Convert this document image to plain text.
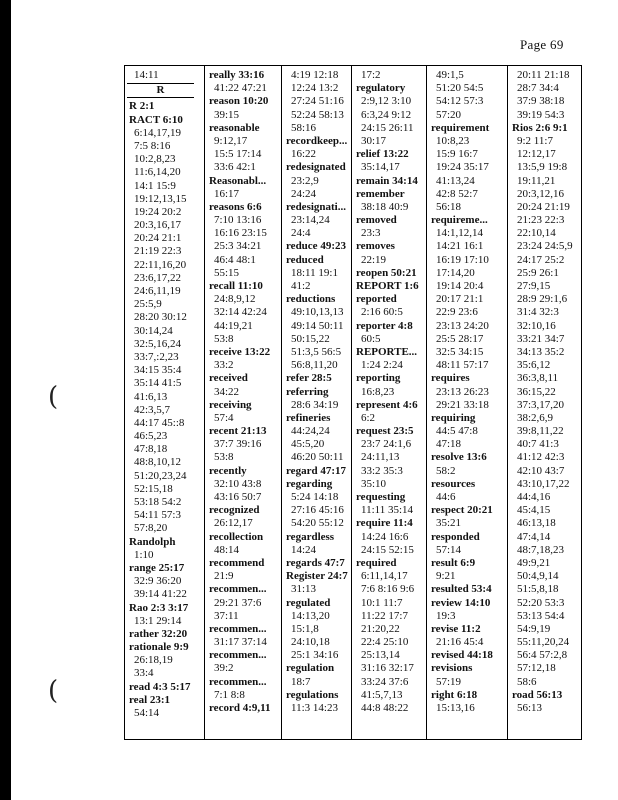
Page 69
14:11
R
R 2:1
RACT 6:10
6:14,17,19
7:5 8:16
10:2,8,23
11:6,14,20
14:1 15:9
19:12,13,15
19:24 20:2
20:3,16,17
20:24 21:1
21:19 22:3
22:11,16,20
23:6,17,22
24:6,11,19
25:5,9
28:20 30:12
30:14,24
32:5,16,24
33:7,:2,23
34:15 35:4
35:14 41:5
41:6,13
42:3,5,7
44:17 45::8
46:5,23
47:8,18
48:8,10,12
51:20,23,24
52:15,18
53:18 54:2
54:11 57:3
57:8,20
Randolph
1:10
range 25:17
32:9 36:20
39:14 41:22
Rao 2:3 3:17
13:1 29:14
rather 32:20
rationale 9:9
26:18,19
33:4
read 4:3 5:17
real 23:1
54:14
really 33:16
41:22 47:21
reason 10:20
39:15
reasonable
9:12,17
15:5 17:14
33:6 42:1
Reasonabl...
16:17
reasons 6:6
7:10 13:16
16:16 23:15
25:3 34:21
46:4 48:1
55:15
recall 11:10
24:8,9,12
32:14 42:24
44:19,21
53:8
receive 13:22
33:2
received
34:22
receiving
57:4
recent 21:13
37:7 39:16
53:8
recently
32:10 43:8
43:16 50:7
recognized
26:12,17
recollection
48:14
recommend
21:9
recommen...
29:21 37:6
37:11
recommen...
31:17 37:14
recommen...
39:2
recommen...
7:1 8:8
record 4:9,11
4:19 12:18
12:24 13:2
27:24 51:16
52:24 58:13
58:16
recordkeep...
16:22
redesignated
23:2,9
24:24
redesignati...
23:14,24
24:4
reduce 49:23
reduced
18:11 19:1
41:2
reductions
49:10,13,13
49:14 50:11
50:15,22
51:3,5 56:5
56:8,11,20
refer 28:5
referring
28:6 34:19
refineries
44:24,24
45:5,20
46:20 50:11
regard 47:17
regarding
5:24 14:18
27:16 45:16
54:20 55:12
regardless
14:24
regards 47:7
Register 24:7
31:13
regulated
14:13,20
15:1,8
24:10,18
25:1 34:16
regulation
18:7
regulations
11:3 14:23
17:2
regulatory
2:9,12 3:10
6:3,24 9:12
24:15 26:11
30:17
relief 13:22
35:14,17
remain 34:14
remember
38:18 40:9
removed
23:3
removes
22:19
reopen 50:21
REPORT 1:6
reported
2:16 60:5
reporter 4:8
60:5
REPORTE...
1:24 2:24
reporting
16:8,23
represent 4:6
6:2
request 23:5
23:7 24:1,6
24:11,13
33:2 35:3
35:10
requesting
11:11 35:14
require 11:4
14:24 16:6
24:15 52:15
required
6:11,14,17
7:6 8:16 9:6
10:1 11:7
11:22 17:7
21:20,22
22:4 25:10
25:13,14
31:16 32:17
33:24 37:6
41:5,7,13
44:8 48:22
49:1,5
51:20 54:5
54:12 57:3
57:20
requirement
10:8,23
15:9 16:7
19:24 35:17
41:13,24
42:8 52:7
56:18
requireme...
14:1,12,14
14:21 16:1
16:19 17:10
17:14,20
19:14 20:4
20:17 21:1
22:9 23:6
23:13 24:20
25:5 28:17
32:5 34:15
48:11 57:17
requires
23:13 26:23
29:21 33:18
requiring
44:5 47:8
47:18
resolve 13:6
58:2
resources
44:6
respect 20:21
35:21
responded
57:14
result 6:9
9:21
resulted 53:4
review 14:10
19:3
revise 11:2
21:16 45:4
revised 44:18
revisions
57:19
right 6:18
15:13,16
20:11 21:18
28:7 34:4
37:9 38:18
39:19 54:3
Rios 2:6 9:1
9:2 11:7
12:12,17
13:5,9 19:8
19:11,21
20:3,12,16
20:24 21:19
21:23 22:3
22:10,14
23:24 24:5,9
24:17 25:2
25:9 26:1
27:9,15
28:9 29:1,6
31:4 32:3
32:10,16
33:21 34:7
34:13 35:2
35:6,12
36:3,8,11
36:15,22
37:3,17,20
38:2,6,9
39:8,11,22
40:7 41:3
41:12 42:3
42:10 43:7
43:10,17,22
44:4,16
45:4,15
46:13,18
47:4,14
48:7,18,23
49:9,21
50:4,9,14
51:5,8,18
52:20 53:3
53:13 54:4
54:9,19
55:11,20,24
56:4 57:2,8
57:12,18
58:6
road 56:13
56:13
(
(
